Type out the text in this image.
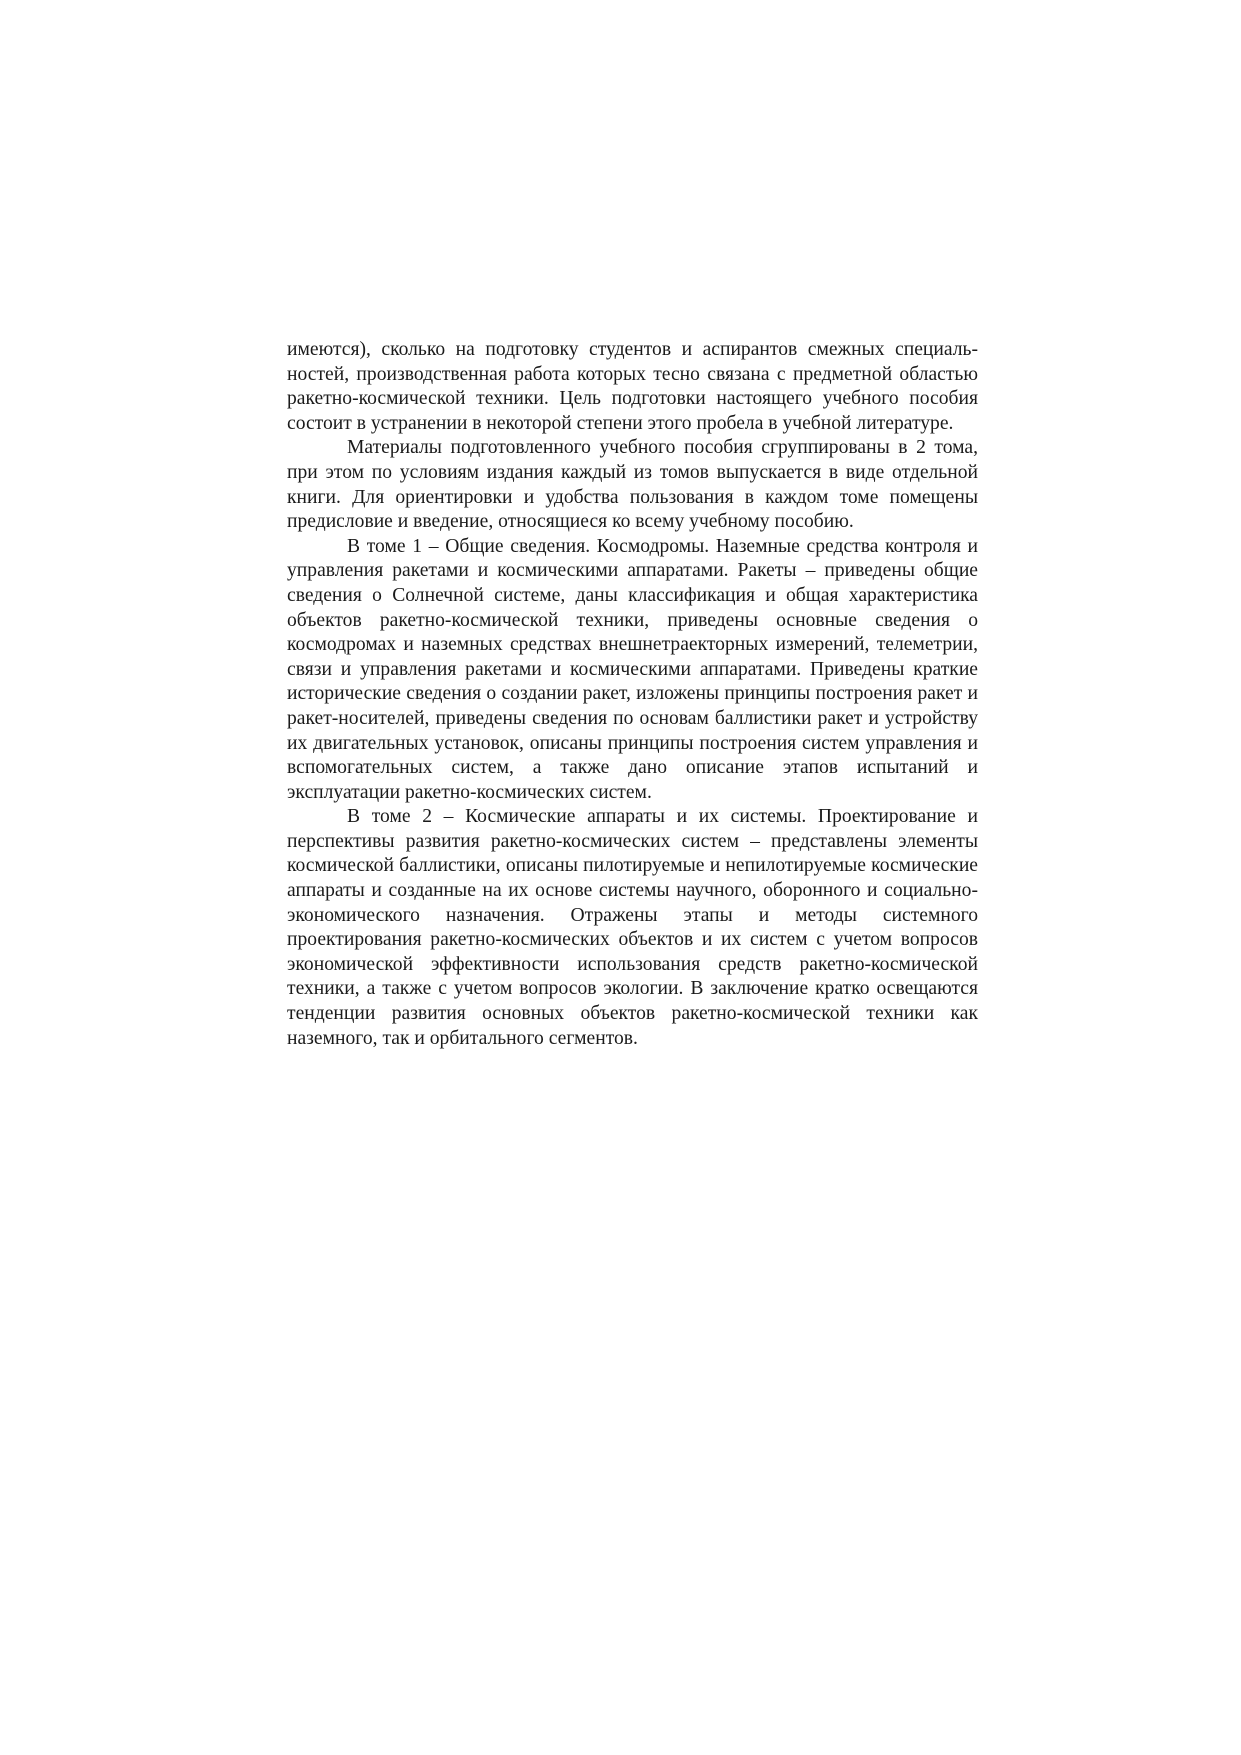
имеются), сколько на подготовку студентов и аспирантов смежных специальностей, производственная работа которых тесно связана с предметной областью ракетно-космической техники. Цель подготовки настоящего учебного пособия состоит в устранении в некоторой степени этого пробела в учебной литературе.

Материалы подготовленного учебного пособия сгруппированы в 2 тома, при этом по условиям издания каждый из томов выпускается в виде отдельной книги. Для ориентировки и удобства пользования в каждом томе помещены предисловие и введение, относящиеся ко всему учебному пособию.

В томе 1 – Общие сведения. Космодромы. Наземные средства контроля и управления ракетами и космическими аппаратами. Ракеты – приведены общие сведения о Солнечной системе, даны классификация и общая характеристика объектов ракетно-космической техники, приведены основные сведения о космодромах и наземных средствах внешнетраекторных измерений, телеметрии, связи и управления ракетами и космическими аппаратами. Приведены краткие исторические сведения о создании ракет, изложены принципы построения ракет и ракет-носителей, приведены сведения по основам баллистики ракет и устройству их двигательных установок, описаны принципы построения систем управления и вспомогательных систем, а также дано описание этапов испытаний и эксплуатации ракетно-космических систем.

В томе 2 – Космические аппараты и их системы. Проектирование и перспективы развития ракетно-космических систем – представлены элементы космической баллистики, описаны пилотируемые и непилотируемые космические аппараты и созданные на их основе системы научного, оборонного и социально-экономического назначения. Отражены этапы и методы системного проектирования ракетно-космических объектов и их систем с учетом вопросов экономической эффективности использования средств ракетно-космической техники, а также с учетом вопросов экологии. В заключение кратко освещаются тенденции развития основных объектов ракетно-космической техники как наземного, так и орбитального сегментов.
